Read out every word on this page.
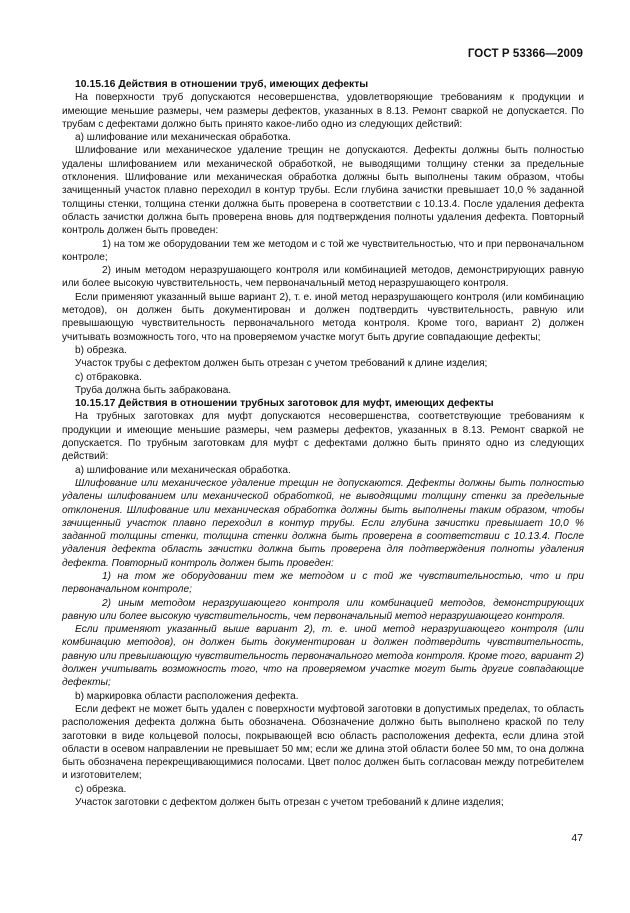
ГОСТ Р 53366—2009

10.15.16 Действия в отношении труб, имеющих дефекты

На поверхности труб допускаются несовершенства, удовлетворяющие требованиям к продукции и имеющие меньшие размеры, чем размеры дефектов, указанных в 8.13. Ремонт сваркой не допускается. По трубам с дефектами должно быть принято какое-либо одно из следующих действий:

a) шлифование или механическая обработка.

Шлифование или механическое удаление трещин не допускаются. Дефекты должны быть полностью удалены шлифованием или механической обработкой, не выводящими толщину стенки за предельные отклонения. Шлифование или механическая обработка должны быть выполнены таким образом, чтобы зачищенный участок плавно переходил в контур трубы. Если глубина зачистки превышает 10,0 % заданной толщины стенки, толщина стенки должна быть проверена в соответствии с 10.13.4. После удаления дефекта область зачистки должна быть проверена вновь для подтверждения полноты удаления дефекта. Повторный контроль должен быть проведен:

1) на том же оборудовании тем же методом и с той же чувствительностью, что и при первоначальном контроле;

2) иным методом неразрушающего контроля или комбинацией методов, демонстрирующих равную или более высокую чувствительность, чем первоначальный метод неразрушающего контроля.

Если применяют указанный выше вариант 2), т. е. иной метод неразрушающего контроля (или комбинацию методов), он должен быть документирован и должен подтвердить чувствительность, равную или превышающую чувствительность первоначального метода контроля. Кроме того, вариант 2) должен учитывать возможность того, что на проверяемом участке могут быть другие совпадающие дефекты;

b) обрезка.

Участок трубы с дефектом должен быть отрезан с учетом требований к длине изделия;

c) отбраковка.

Труба должна быть забракована.

10.15.17 Действия в отношении трубных заготовок для муфт, имеющих дефекты

На трубных заготовках для муфт допускаются несовершенства, соответствующие требованиям к продукции и имеющие меньшие размеры, чем размеры дефектов, указанных в 8.13. Ремонт сваркой не допускается. По трубным заготовкам для муфт с дефектами должно быть принято одно из следующих действий:

a) шлифование или механическая обработка.

Шлифование или механическое удаление трещин не допускаются. Дефекты должны быть полностью удалены шлифованием или механической обработкой, не выводящими толщину стенки за предельные отклонения. Шлифование или механическая обработка должны быть выполнены таким образом, чтобы зачищенный участок плавно переходил в контур трубы. Если глубина зачистки превышает 10,0 % заданной толщины стенки, толщина стенки должна быть проверена в соответствии с 10.13.4. После удаления дефекта область зачистки должна быть проверена для подтверждения полноты удаления дефекта. Повторный контроль должен быть проведен:

1) на том же оборудовании тем же методом и с той же чувствительностью, что и при первоначальном контроле;

2) иным методом неразрушающего контроля или комбинацией методов, демонстрирующих равную или более высокую чувствительность, чем первоначальный метод неразрушающего контроля.

Если применяют указанный выше вариант 2), т. е. иной метод неразрушающего контроля (или комбинацию методов), он должен быть документирован и должен подтвердить чувствительность, равную или превышающую чувствительность первоначального метода контроля. Кроме того, вариант 2) должен учитывать возможность того, что на проверяемом участке могут быть другие совпадающие дефекты;

b) маркировка области расположения дефекта.

Если дефект не может быть удален с поверхности муфтовой заготовки в допустимых пределах, то область расположения дефекта должна быть обозначена. Обозначение должно быть выполнено краской по телу заготовки в виде кольцевой полосы, покрывающей всю область расположения дефекта, если длина этой области в осевом направлении не превышает 50 мм; если же длина этой области более 50 мм, то она должна быть обозначена перекрещивающимися полосами. Цвет полос должен быть согласован между потребителем и изготовителем;

c) обрезка.

Участок заготовки с дефектом должен быть отрезан с учетом требований к длине изделия;

47
